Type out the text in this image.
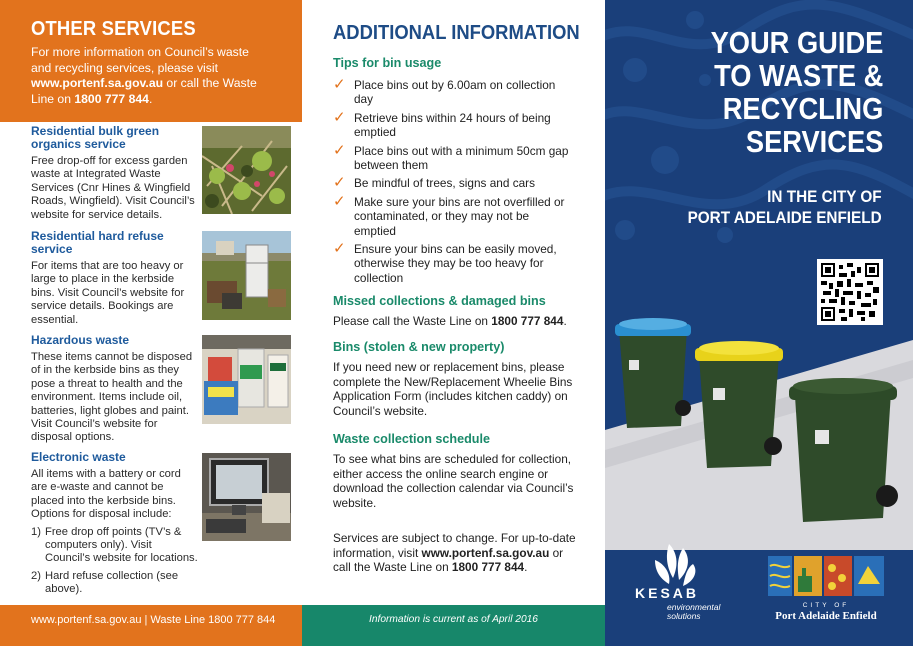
OTHER SERVICES

For more information on Council’s waste and recycling services, please visit www.portenf.sa.gov.au or call the Waste Line on 1800 777 844.

Residential bulk green organics service

Free drop-off for excess garden waste at Integrated Waste Services (Cnr Hines & Wingfield Roads, Wingfield). Visit Council’s website for service details.

Residential hard refuse service

For items that are too heavy or large to place in the kerbside bins. Visit Council’s website for service details. Bookings are essential.

Hazardous waste

These items cannot be disposed of in the kerbside bins as they pose a threat to health and the environment. Items include oil, batteries, light globes and paint. Visit Council’s website for disposal options.

Electronic waste

All items with a battery or cord are e-waste and cannot be placed into the kerbside bins. Options for disposal include:

1) Free drop off points (TV’s & computers only). Visit Council’s website for locations.
2) Hard refuse collection (see above).
www.portenf.sa.gov.au | Waste Line 1800 777 844
ADDITIONAL INFORMATION
Tips for bin usage
✓ Place bins out by 6.00am on collection day
✓ Retrieve bins within 24 hours of being emptied
✓ Place bins out with a minimum 50cm gap between them
✓ Be mindful of trees, signs and cars
✓ Make sure your bins are not overfilled or contaminated, or they may not be emptied
✓ Ensure your bins can be easily moved, otherwise they may be too heavy for collection
Missed collections & damaged bins
Please call the Waste Line on 1800 777 844.
Bins (stolen & new property)
If you need new or replacement bins, please complete the New/Replacement Wheelie Bins Application Form (includes kitchen caddy) on Council’s website.
Waste collection schedule
To see what bins are scheduled for collection, either access the online search engine or download the collection calendar via Council’s website.
Services are subject to change. For up-to-date information, visit www.portenf.sa.gov.au or call the Waste Line on 1800 777 844.
Information is current as of April 2016
YOUR GUIDE
TO WASTE &
RECYCLING
SERVICES
IN THE CITY OF
PORT ADELAIDE ENFIELD
KESAB
environmental
solutions
CITY OF
Port Adelaide Enfield
